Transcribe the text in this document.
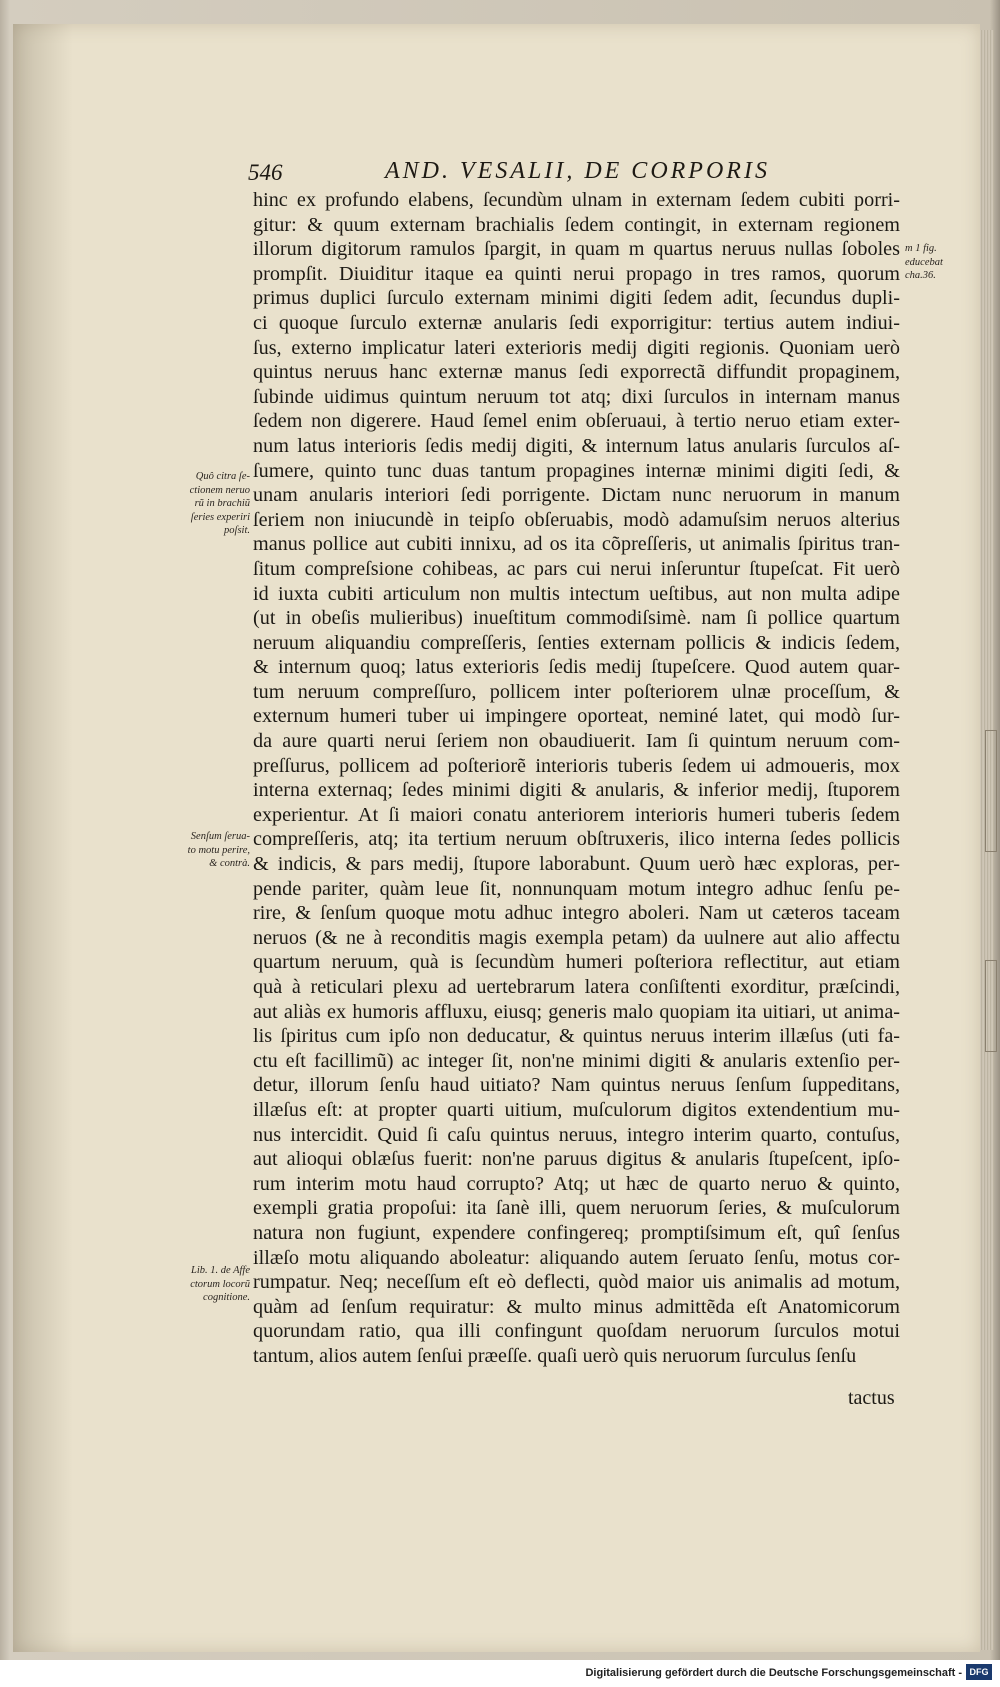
546	AND. VESALII, DE CORPORIS
hinc ex profundo elabens, ſecundùm ulnam in externam ſedem cubiti porri-
gitur: & quum externam brachialis ſedem contingit, in externam regionem
illorum digitorum ramulos ſpargit, in quam m quartus neruus nullas ſoboles
prompſit. Diuiditur itaque ea quinti nerui propago in tres ramos, quorum
primus duplici ſurculo externam minimi digiti ſedem adit, ſecundus dupli-
ci quoque ſurculo externæ anularis ſedi exporrigitur: tertius autem indiui-
ſus, externo implicatur lateri exterioris medij digiti regionis. Quoniam uerò
quintus neruus hanc externæ manus ſedi exporrectã diffundit propaginem,
ſubinde uidimus quintum neruum tot atq; dixi ſurculos in internam manus
ſedem non digerere. Haud ſemel enim obſeruaui, à tertio neruo etiam exter-
num latus interioris ſedis medij digiti, & internum latus anularis ſurculos aſ-
ſumere, quinto tunc duas tantum propagines internæ minimi digiti ſedi, &
unam anularis interiori ſedi porrigente. Dictam nunc neruorum in manum
ſeriem non iniucundè in teipſo obſeruabis, modò adamuſsim neruos alterius
manus pollice aut cubiti innixu, ad os ita cõpreſſeris, ut animalis ſpiritus tran-
ſitum compreſsione cohibeas, ac pars cui nerui inſeruntur ſtupeſcat. Fit uerò
id iuxta cubiti articulum non multis intectum ueſtibus, aut non multa adipe
(ut in obeſis mulieribus) inueſtitum commodiſsimè. nam ſi pollice quartum
neruum aliquandiu compreſſeris, ſenties externam pollicis & indicis ſedem,
& internum quoq; latus exterioris ſedis medij ſtupeſcere. Quod autem quar-
tum neruum compreſſuro, pollicem inter poſteriorem ulnæ proceſſum, &
externum humeri tuber ui impingere oporteat, nеminé latet, qui modò ſur-
da aure quarti nerui ſeriem non obaudiuerit. Iam ſi quintum neruum com-
preſſurus, pollicem ad poſteriorẽ interioris tuberis ſedem ui admoueris, mox
interna externaq; ſedes minimi digiti & anularis, & inferior medij, ſtuporem
experientur. At ſi maiori conatu anteriorem interioris humeri tuberis ſedem
compreſſeris, atq; ita tertium neruum obſtruxeris, ilico interna ſedes pollicis
& indicis, & pars medij, ſtupore laborabunt. Quum uerò hæc exploras, per-
pende pariter, quàm leue ſit, nonnunquam motum integro adhuc ſenſu pe-
rire, & ſenſum quoque motu adhuc integro aboleri. Nam ut cæteros taceam
neruos (& ne à reconditis magis exempla petam) da uulnere aut alio affectu
quartum neruum, quà is ſecundùm humeri poſteriora reflectitur, aut etiam
quà à reticulari plexu ad uertebrarum latera conſiſtenti exorditur, præſcindi,
aut aliàs ex humoris affluxu, eiusq; generis malo quopiam ita uitiari, ut anima-
lis ſpiritus cum ipſo non deducatur, & quintus neruus interim illæſus (uti fa-
ctu eſt facillimũ) ac integer ſit, non'ne minimi digiti & anularis extenſio per-
detur, illorum ſenſu haud uitiato? Nam quintus neruus ſenſum ſuppeditans,
illæſus eſt: at propter quarti uitium, muſculorum digitos extendentium mu-
nus intercidit. Quid ſi caſu quintus neruus, integro interim quarto, contuſus,
aut alioqui oblæſus fuerit: non'ne paruus digitus & anularis ſtupeſcent, ipſo-
rum interim motu haud corrupto? Atq; ut hæc de quarto neruo & quinto,
exempli gratia propoſui: ita ſanè illi, quem neruorum ſeries, & muſculorum
natura non fugiunt, expendere confingereq; promptiſsimum eſt, quî ſenſus
illæſo motu aliquando aboleatur: aliquando autem ſeruato ſenſu, motus cor-
rumpatur. Neq; neceſſum eſt eò deflecti, quòd maior uis animalis ad motum,
quàm ad ſenſum requiratur: & multo minus admittẽda eſt Anatomicorum
quorundam ratio, qua illi confingunt quoſdam neruorum ſurculos motui
tantum, alios autem ſenſui præeſſe. quaſi uerò quis neruorum ſurculus ſenſu
tactus
m 1 fig.
educebat
cha.36.
Quô citra ſe-
ctionem neruo
rũ in brachiũ
ſeries experiri
poſsit.
Senſum ſerua-
to motu perire,
& contrà.
Lib. 1. de Affe
ctorum locorũ
cognitione.
Digitalisierung gefördert durch die Deutsche Forschungsgemeinschaft - DFG
